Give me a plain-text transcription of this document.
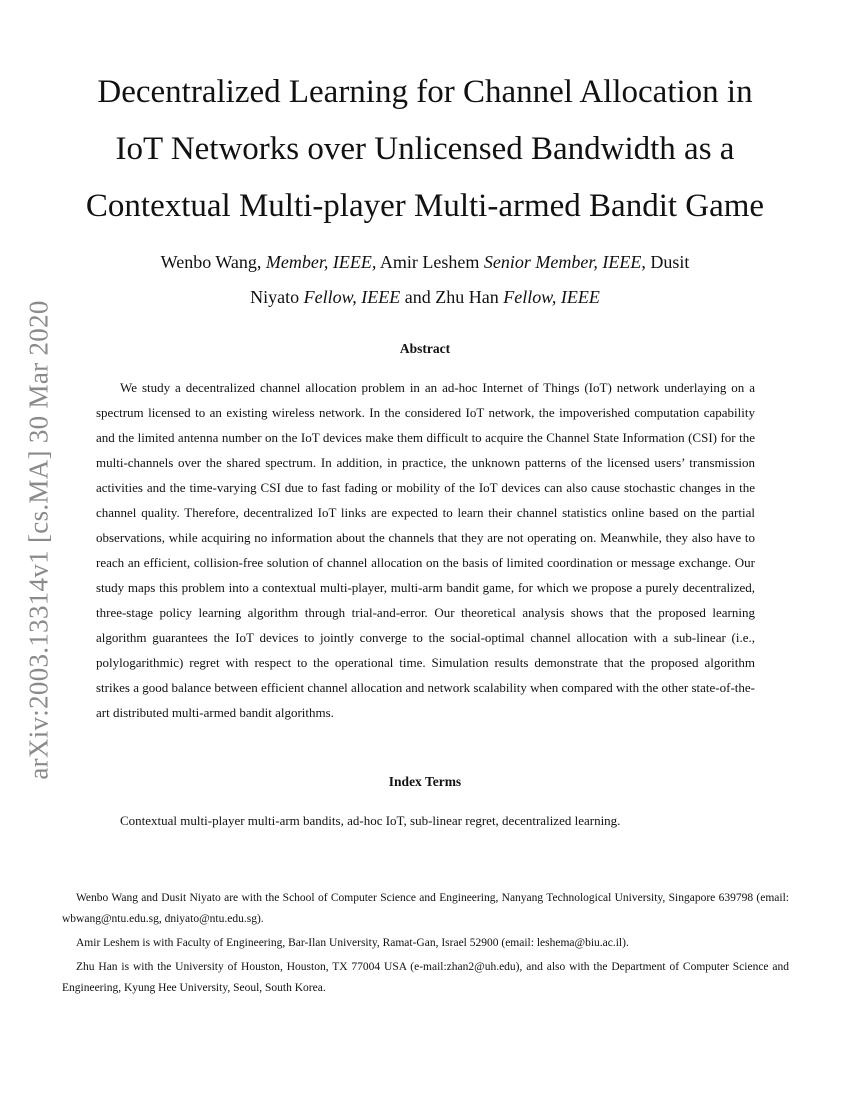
arXiv:2003.13314v1 [cs.MA] 30 Mar 2020
Decentralized Learning for Channel Allocation in
IoT Networks over Unlicensed Bandwidth as a
Contextual Multi-player Multi-armed Bandit Game
Wenbo Wang, Member, IEEE, Amir Leshem Senior Member, IEEE, Dusit
Niyato Fellow, IEEE and Zhu Han Fellow, IEEE
Abstract

We study a decentralized channel allocation problem in an ad-hoc Internet of Things (IoT) network underlaying on a spectrum licensed to an existing wireless network. In the considered IoT network, the impoverished computation capability and the limited antenna number on the IoT devices make them difficult to acquire the Channel State Information (CSI) for the multi-channels over the shared spectrum. In addition, in practice, the unknown patterns of the licensed users’ transmission activities and the time-varying CSI due to fast fading or mobility of the IoT devices can also cause stochastic changes in the channel quality. Therefore, decentralized IoT links are expected to learn their channel statistics online based on the partial observations, while acquiring no information about the channels that they are not operating on. Meanwhile, they also have to reach an efficient, collision-free solution of channel allocation on the basis of limited coordination or message exchange. Our study maps this problem into a contextual multi-player, multi-arm bandit game, for which we propose a purely decentralized, three-stage policy learning algorithm through trial-and-error. Our theoretical analysis shows that the proposed learning algorithm guarantees the IoT devices to jointly converge to the social-optimal channel allocation with a sub-linear (i.e., polylogarithmic) regret with respect to the operational time. Simulation results demonstrate that the proposed algorithm strikes a good balance between efficient channel allocation and network scalability when compared with the other state-of-the-art distributed multi-armed bandit algorithms.

Index Terms
Contextual multi-player multi-arm bandits, ad-hoc IoT, sub-linear regret, decentralized learning.

Wenbo Wang and Dusit Niyato are with the School of Computer Science and Engineering, Nanyang Technological University, Singapore 639798 (email: wbwang@ntu.edu.sg, dniyato@ntu.edu.sg).

Amir Leshem is with Faculty of Engineering, Bar-Ilan University, Ramat-Gan, Israel 52900 (email: leshema@biu.ac.il).

Zhu Han is with the University of Houston, Houston, TX 77004 USA (e-mail:zhan2@uh.edu), and also with the Department of Computer Science and Engineering, Kyung Hee University, Seoul, South Korea.
